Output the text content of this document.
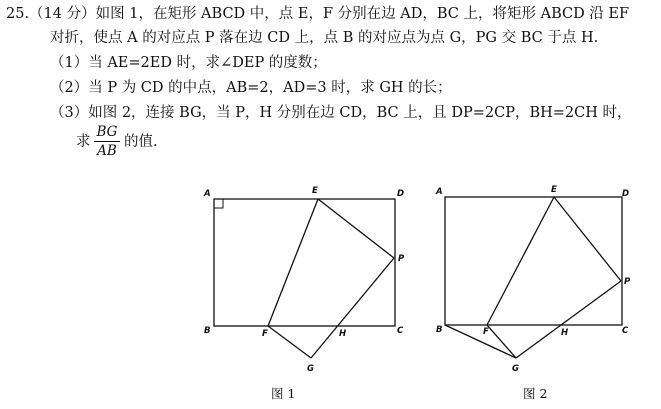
25.（14 分）如图 1，在矩形 ABCD 中，点 E，F 分别在边 AD，BC 上，将矩形 ABCD 沿 EF
对折，使点 A 的对应点 P 落在边 CD 上，点 B 的对应点为点 G，PG 交 BC 于点 H.
（1）当 AE=2ED 时，求∠DEP 的度数；
（2）当 P 为 CD 的中点，AB=2，AD=3 时，求 GH 的长；
（3）如图 2，连接 BG，当 P，H 分别在边 CD，BC 上，且 DP=2CP，BH=2CH 时，
求
BG
AB
的值.
A	D
E
B	C
F	H
P
G
图 1
A	D
E
B	C
F	H
P
G
图 2
